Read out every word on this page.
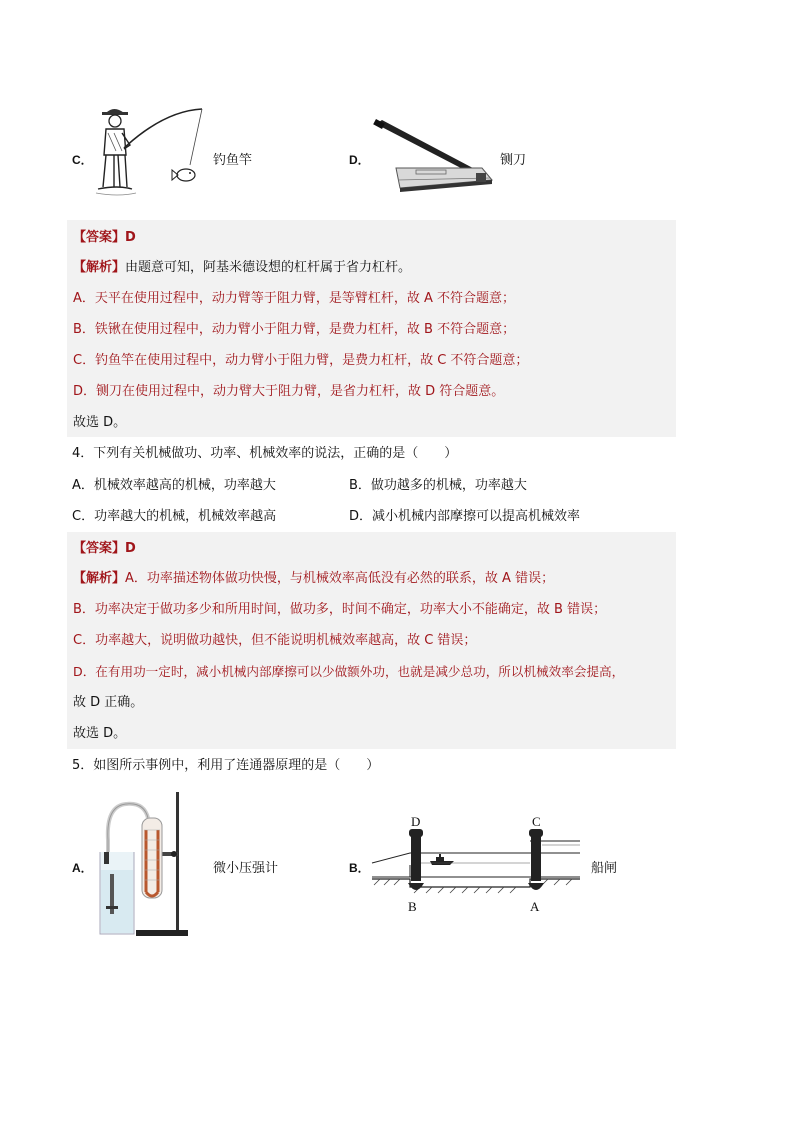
C．	钓鱼竿	D．	铡刀
【答案】D
【解析】由题意可知，阿基米德设想的杠杆属于省力杠杆。
A．天平在使用过程中，动力臂等于阻力臂，是等臂杠杆，故 A 不符合题意；
B．铁锹在使用过程中，动力臂小于阻力臂，是费力杠杆，故 B 不符合题意；
C．钓鱼竿在使用过程中，动力臂小于阻力臂，是费力杠杆，故 C 不符合题意；
D．铡刀在使用过程中，动力臂大于阻力臂，是省力杠杆，故 D 符合题意。
故选 D。
4．下列有关机械做功、功率、机械效率的说法，正确的是（　　）
A．机械效率越高的机械，功率越大	B．做功越多的机械，功率越大
C．功率越大的机械，机械效率越高	D．减小机械内部摩擦可以提高机械效率
【答案】D
【解析】A．功率描述物体做功快慢，与机械效率高低没有必然的联系，故 A 错误；
B．功率决定于做功多少和所用时间，做功多，时间不确定，功率大小不能确定，故 B 错误；
C．功率越大，说明做功越快，但不能说明机械效率越高，故 C 错误；
D．在有用功一定时，减小机械内部摩擦可以少做额外功，也就是减少总功，所以机械效率会提高，
故 D 正确。
故选 D。
5．如图所示事例中，利用了连通器原理的是（　　）
A．	微小压强计	B．
D	C
B	A
船闸
